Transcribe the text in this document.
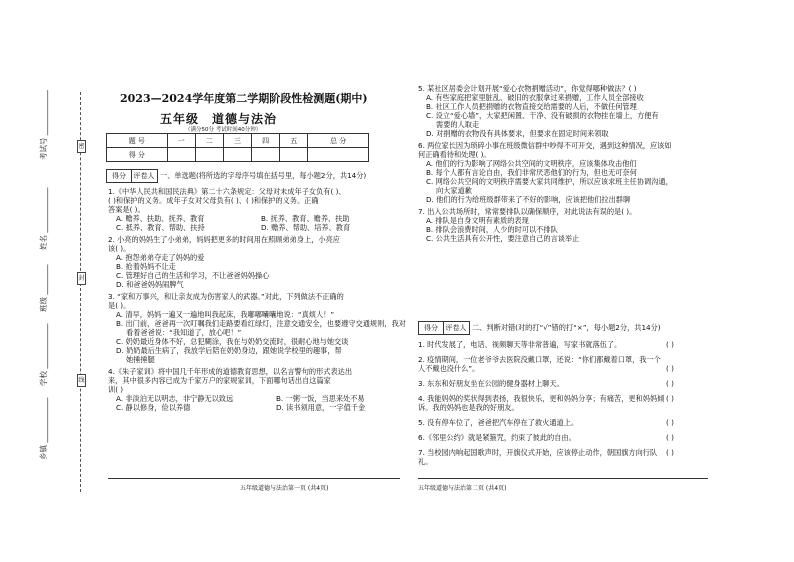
考试号 ____________
姓名 ____________
班级 ________
学校 ____________
乡镇 ____________
密
封
线
2023—2024学年度第二学期阶段性检测题(期中)
五年级 道德与法治
（满分50分 考试时间40分钟）
题 号	一	二	三	四	五	总 分
得 分						
得分 评卷人 一、单选题(将所选的字母序号填在括号里，每小题2分，共14分)
1.《中华人民共和国民法典》第二十六条规定：父母对未成年子女负有( )、
( )和保护的义务。成年子女对父母负有( )、( )和保护的义务。正确
答案是( )。
A. 赡养、扶助、抚养、教育	B. 抚养、教育、赡养、扶助
C. 抵养、教育、帮助、扶持	D. 赡养、帮助、培养、教育
2. 小亮的妈妈生了小弟弟，妈妈把更多的时间用在照顾弟弟身上，小亮应
该( )。
A. 抱怨弟弟夺走了妈妈的爱
B. 抢着妈妈不让走
C. 管理好自己的生活和学习，不让爸爸妈妈操心
D. 和爸爸妈妈闹脾气
3. “家和万事兴，和让亲友成为伤害家人的武器。”对此，下列做法不正确的
是( )。
A. 清早，妈妈一遍又一遍地叫我起床，我嘟嘟囔囔地说：“真烦人！”
B. 出门前，爸爸再一次叮嘱我们走路要看红绿灯，注意交通安全，也要遵守交通规则，我对
看着爸爸说：“我知道了，放心吧！”
C. 奶奶最近身体不好，总犯糊涂，我在与奶奶交流时，很耐心地与她交谈
D. 奶奶最后生病了，我放学后陪在奶奶身边，跟她说学校里的趣事，帮
她捶捶腿
4.《朱子家训》将中国几千年形成的道德教育思想，以名言警句的形式表达出
来，其中很多内容已成为千家万户的家规家训，下面哪句话出自这篇家
训( )
A. 非淡泊无以明志，非宁静无以致远	B. 一粥一饭，当思来处不易
C. 静以修身，俭以养德	D. 读书须用意，一字值千金
五年级道德与法治第一页 (共4页)
5. 某社区居委会计划开展“爱心衣物捐赠活动”，你觉得哪种做法？( )
A. 有些家庭把家里脏乱、破旧的衣服拿过来捐赠，工作人员全部接收
B. 社区工作人员把捐赠的衣物直接交给需要的人后，不做任何管理
C. 设立“爱心墙”，大家把闲置、干净、没有破损的衣物挂在墙上，方便有
需要的人取走
D. 对捐赠的衣物没有具体要求，但要求在固定时间来领取
6. 两位家长因为琐碎小事在班级微信群中吵得不可开交，遇到这种情况，应该如
何正确看待和处理( )。
A. 他们的行为影响了网络公共空间的文明秩序，应该集体攻击他们
B. 每个人都有言论自由，我们非常厌恶他们的行为，但也无可奈何
C. 网络公共空间的文明秩序需要大家共同维护，所以应该求班主任协调沟通，
向大家道歉
D. 他们的行为给班级群带来了不好的影响，应该把他们拉出群聊
7. 出入公共场所时，常常要排队以确保顺序，对此说法有误的是( )。
A. 排队是自身文明有素质的表现
B. 排队会浪费时间，人少的时可以不排队
C. 公共生活具有公开性，要注意自己的言谈举止
得分 评卷人 二、判断对错(对的打“√”错的打“×”，每小题2分，共14分)
1. 时代发展了，电话、视频聊天等非常普遍，写家书就落伍了。	( )
2. 疫情期间，一位老爷爷去医院没戴口罩，还说：“你们都戴着口罩，我一个
人不戴也没什么”。	( )
3. 东东和好朋友坐在公园的健身器材上聊天。	( )
4. 我能妈妈的奖状得到表扬，我很快乐，更和妈妈分享；有痛苦，更和妈妈倾 ( )
诉。我的妈妈也是我的好朋友。
5. 没有停车位了，爸爸把汽车停在了救火通道上。	( )
6.《邻里公约》就是紧箍咒，约束了彼此的自由。	( )
7. 当校园内响起国歌声时，开旗仪式开始，应该停止动作，朝国旗方向行队 ( )
礼。
五年级道德与法治第二页 (共4页)
